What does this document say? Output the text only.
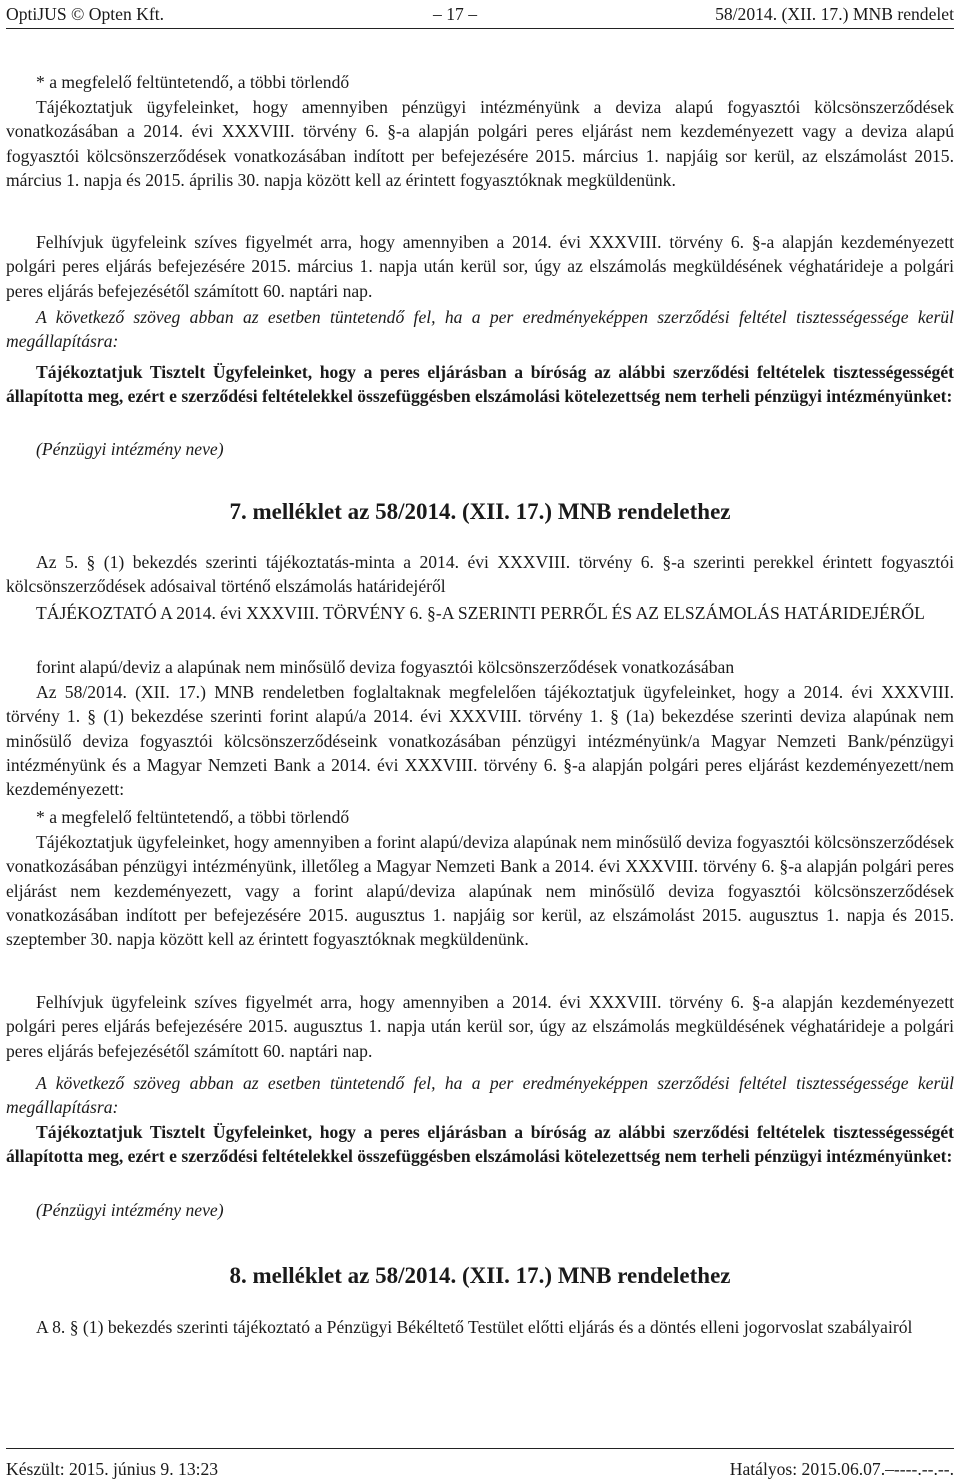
OptiJUS © Opten Kft.	– 17 –	58/2014. (XII. 17.) MNB rendelet

* a megfelelő feltüntetendő, a többi törlendő

Tájékoztatjuk ügyfeleinket, hogy amennyiben pénzügyi intézményünk a deviza alapú fogyasztói kölcsönszerződések vonatkozásában a 2014. évi XXXVIII. törvény 6. §-a alapján polgári peres eljárást nem kezdeményezett vagy a deviza alapú fogyasztói kölcsönszerződések vonatkozásában indított per befejezésére 2015. március 1. napjáig sor kerül, az elszámolást 2015. március 1. napja és 2015. április 30. napja között kell az érintett fogyasztóknak megküldenünk.

Felhívjuk ügyfeleink szíves figyelmét arra, hogy amennyiben a 2014. évi XXXVIII. törvény 6. §-a alapján kezdeményezett polgári peres eljárás befejezésére 2015. március 1. napja után kerül sor, úgy az elszámolás megküldésének véghatárideje a polgári peres eljárás befejezésétől számított 60. naptári nap.

A következő szöveg abban az esetben tüntetendő fel, ha a per eredményeképpen szerződési feltétel tisztességessége kerül megállapításra:

Tájékoztatjuk Tisztelt Ügyfeleinket, hogy a peres eljárásban a bíróság az alábbi szerződési feltételek tisztességességét állapította meg, ezért e szerződési feltételekkel összefüggésben elszámolási kötelezettség nem terheli pénzügyi intézményünket:

(Pénzügyi intézmény neve)

7. melléklet az 58/2014. (XII. 17.) MNB rendelethez

Az 5. § (1) bekezdés szerinti tájékoztatás-minta a 2014. évi XXXVIII. törvény 6. §-a szerinti perekkel érintett fogyasztói kölcsönszerződések adósaival történő elszámolás határidejéről

TÁJÉKOZTATÓ A 2014. évi XXXVIII. TÖRVÉNY 6. §-A SZERINTI PERRŐL ÉS AZ ELSZÁMOLÁS HATÁRIDEJÉRŐL

forint alapú/deviz a alapúnak nem minősülő deviza fogyasztói kölcsönszerződések vonatkozásában

Az 58/2014. (XII. 17.) MNB rendeletben foglaltaknak megfelelően tájékoztatjuk ügyfeleinket, hogy a 2014. évi XXXVIII. törvény 1. § (1) bekezdése szerinti forint alapú/a 2014. évi XXXVIII. törvény 1. § (1a) bekezdése szerinti deviza alapúnak nem minősülő deviza fogyasztói kölcsönszerződéseink vonatkozásában pénzügyi intézményünk/a Magyar Nemzeti Bank/pénzügyi intézményünk és a Magyar Nemzeti Bank a 2014. évi XXXVIII. törvény 6. §-a alapján polgári peres eljárást kezdeményezett/nem kezdeményezett:

* a megfelelő feltüntetendő, a többi törlendő

Tájékoztatjuk ügyfeleinket, hogy amennyiben a forint alapú/deviza alapúnak nem minősülő deviza fogyasztói kölcsönszerződések vonatkozásában pénzügyi intézményünk, illetőleg a Magyar Nemzeti Bank a 2014. évi XXXVIII. törvény 6. §-a alapján polgári peres eljárást nem kezdeményezett, vagy a forint alapú/deviza alapúnak nem minősülő deviza fogyasztói kölcsönszerződések vonatkozásában indított per befejezésére 2015. augusztus 1. napjáig sor kerül, az elszámolást 2015. augusztus 1. napja és 2015. szeptember 30. napja között kell az érintett fogyasztóknak megküldenünk.

Felhívjuk ügyfeleink szíves figyelmét arra, hogy amennyiben a 2014. évi XXXVIII. törvény 6. §-a alapján kezdeményezett polgári peres eljárás befejezésére 2015. augusztus 1. napja után kerül sor, úgy az elszámolás megküldésének véghatárideje a polgári peres eljárás befejezésétől számított 60. naptári nap.

A következő szöveg abban az esetben tüntetendő fel, ha a per eredményeképpen szerződési feltétel tisztességessége kerül megállapításra:

Tájékoztatjuk Tisztelt Ügyfeleinket, hogy a peres eljárásban a bíróság az alábbi szerződési feltételek tisztességességét állapította meg, ezért e szerződési feltételekkel összefüggésben elszámolási kötelezettség nem terheli pénzügyi intézményünket:

(Pénzügyi intézmény neve)

8. melléklet az 58/2014. (XII. 17.) MNB rendelethez

A 8. § (1) bekezdés szerinti tájékoztató a Pénzügyi Békéltető Testület előtti eljárás és a döntés elleni jogorvoslat szabályairól

Készült: 2015. június 9. 13:23	Hatályos: 2015.06.07.–----.--.--.
